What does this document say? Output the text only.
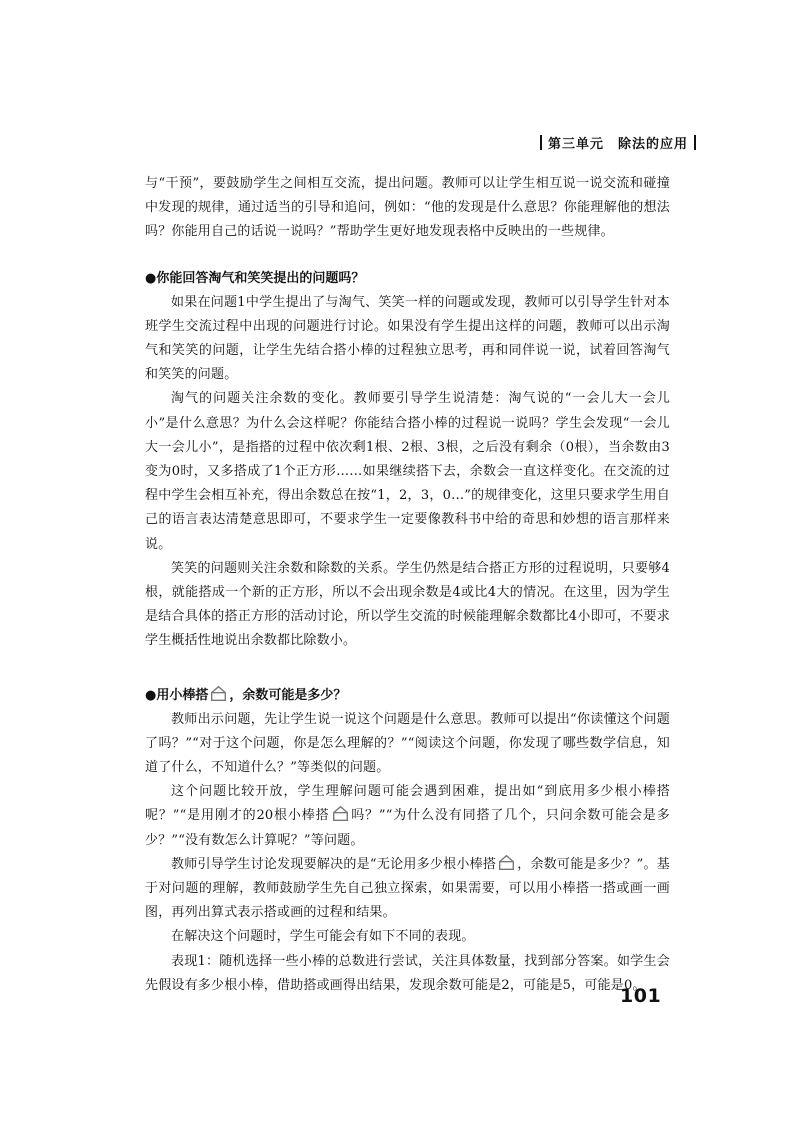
第三单元 除法的应用

与“干预”，要鼓励学生之间相互交流，提出问题。教师可以让学生相互说一说交流和碰撞中发现的规律，通过适当的引导和追问，例如：“他的发现是什么意思？你能理解他的想法吗？你能用自己的话说一说吗？”帮助学生更好地发现表格中反映出的一些规律。

●你能回答淘气和笑笑提出的问题吗？

如果在问题1中学生提出了与淘气、笑笑一样的问题或发现，教师可以引导学生针对本班学生交流过程中出现的问题进行讨论。如果没有学生提出这样的问题，教师可以出示淘气和笑笑的问题，让学生先结合搭小棒的过程独立思考，再和同伴说一说，试着回答淘气和笑笑的问题。

淘气的问题关注余数的变化。教师要引导学生说清楚：淘气说的“一会儿大一会儿小”是什么意思？为什么会这样呢？你能结合搭小棒的过程说一说吗？学生会发现“一会儿大一会儿小”，是指搭的过程中依次剩1根、2根、3根，之后没有剩余（0根），当余数由3变为0时，又多搭成了1个正方形……如果继续搭下去，余数会一直这样变化。在交流的过程中学生会相互补充，得出余数总在按“1，2，3，0…”的规律变化，这里只要求学生用自己的语言表达清楚意思即可，不要求学生一定要像教科书中给的奇思和妙想的语言那样来说。

笑笑的问题则关注余数和除数的关系。学生仍然是结合搭正方形的过程说明，只要够4根，就能搭成一个新的正方形，所以不会出现余数是4或比4大的情况。在这里，因为学生是结合具体的搭正方形的活动讨论，所以学生交流的时候能理解余数都比4小即可，不要求学生概括性地说出余数都比除数小。

●用小棒搭 ，余数可能是多少？

教师出示问题，先让学生说一说这个问题是什么意思。教师可以提出“你读懂这个问题了吗？”“对于这个问题，你是怎么理解的？”“阅读这个问题，你发现了哪些数学信息，知道了什么，不知道什么？”等类似的问题。

这个问题比较开放，学生理解问题可能会遇到困难，提出如“到底用多少根小棒搭呢？”“是用刚才的20根小棒搭 吗？”“为什么没有同搭了几个，只问余数可能会是多少？”“没有数怎么计算呢？”等问题。

教师引导学生讨论发现要解决的是“无论用多少根小棒搭 ，余数可能是多少？”。基于对问题的理解，教师鼓励学生先自己独立探索，如果需要，可以用小棒搭一搭或画一画图，再列出算式表示搭或画的过程和结果。

在解决这个问题时，学生可能会有如下不同的表现。

表现1：随机选择一些小棒的总数进行尝试，关注具体数量，找到部分答案。如学生会先假设有多少根小棒，借助搭或画得出结果，发现余数可能是2，可能是5，可能是0。

101
